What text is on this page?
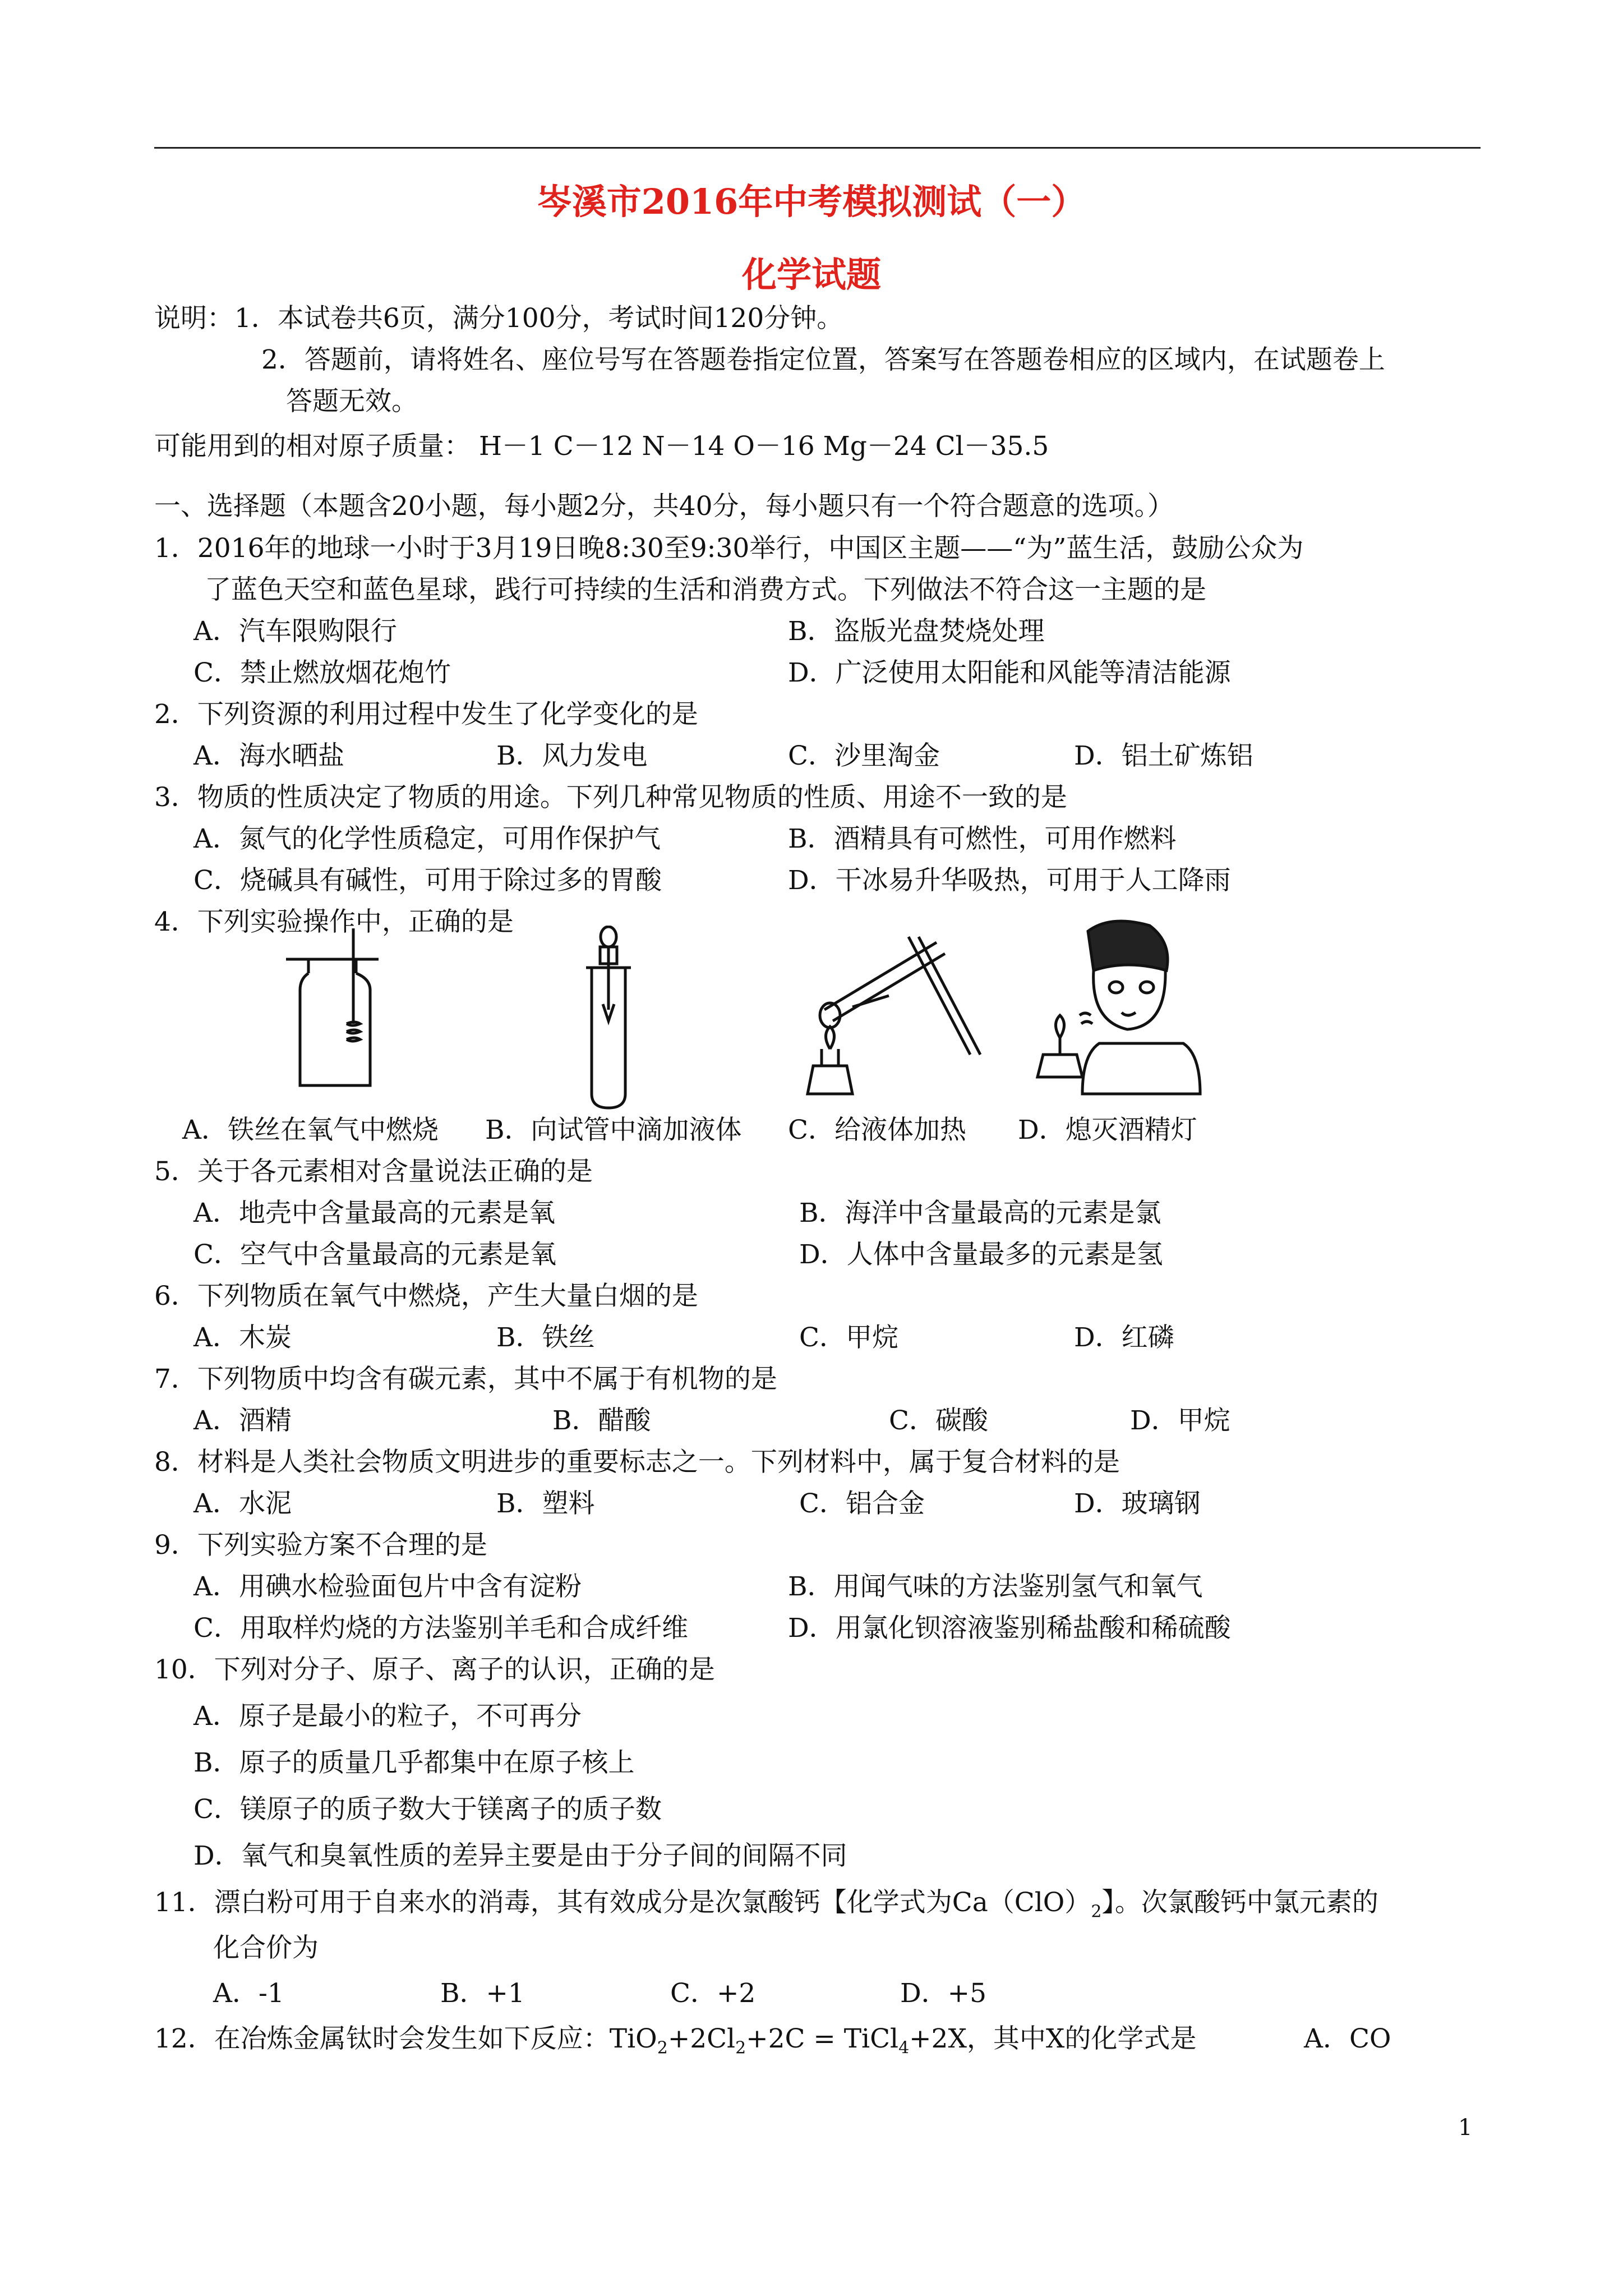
岑溪市2016年中考模拟测试（一）
化学试题
说明： 1．本试卷共6页，满分100分，考试时间120分钟。
2．答题前，请将姓名、座位号写在答题卷指定位置，答案写在答题卷相应的区域内，在试题卷上
答题无效。
可能用到的相对原子质量： H－1 C－12 N－14 O－16 Mg－24 Cl－35.5
一、选择题（本题含20小题，每小题2分，共40分，每小题只有一个符合题意的选项。）
1．2016年的地球一小时于3月19日晚8:30至9:30举行，中国区主题——“为”蓝生活，鼓励公众为
了蓝色天空和蓝色星球，践行可持续的生活和消费方式。下列做法不符合这一主题的是
A．汽车限购限行	B．盗版光盘焚烧处理
C．禁止燃放烟花炮竹	D．广泛使用太阳能和风能等清洁能源
2．下列资源的利用过程中发生了化学变化的是
A．海水晒盐	B．风力发电	C．沙里淘金	D．铝土矿炼铝
3．物质的性质决定了物质的用途。下列几种常见物质的性质、用途不一致的是
A．氮气的化学性质稳定，可用作保护气	B．酒精具有可燃性，可用作燃料
C．烧碱具有碱性，可用于除过多的胃酸	D．干冰易升华吸热，可用于人工降雨
4．下列实验操作中，正确的是
A．铁丝在氧气中燃烧 B．向试管中滴加液体 C．给液体加热 D．熄灭酒精灯
5．关于各元素相对含量说法正确的是
A．地壳中含量最高的元素是氧	B．海洋中含量最高的元素是氯
C．空气中含量最高的元素是氧	D．人体中含量最多的元素是氢
6．下列物质在氧气中燃烧，产生大量白烟的是
A．木炭	B．铁丝	C．甲烷	D．红磷
7．下列物质中均含有碳元素，其中不属于有机物的是
A．酒精	B．醋酸	C．碳酸	D．甲烷
8．材料是人类社会物质文明进步的重要标志之一。下列材料中，属于复合材料的是
A．水泥	B．塑料	C．铝合金	D．玻璃钢
9．下列实验方案不合理的是
A．用碘水检验面包片中含有淀粉	B．用闻气味的方法鉴别氢气和氧气
C．用取样灼烧的方法鉴别羊毛和合成纤维	D．用氯化钡溶液鉴别稀盐酸和稀硫酸
10．下列对分子、原子、离子的认识，正确的是
A．原子是最小的粒子，不可再分
B．原子的质量几乎都集中在原子核上
C．镁原子的质子数大于镁离子的质子数
D．氧气和臭氧性质的差异主要是由于分子间的间隔不同
11．漂白粉可用于自来水的消毒，其有效成分是次氯酸钙【化学式为$Ca(ClO)_2$】。次氯酸钙中氯元素的
化合价为
A．-1	B．+1	C．+2	D．+5
12．在冶炼金属钛时会发生如下反应：$TiO_2+2Cl_2+2C$ = TiCl$_4$+2X，其中X的化学式是	A．CO
1
